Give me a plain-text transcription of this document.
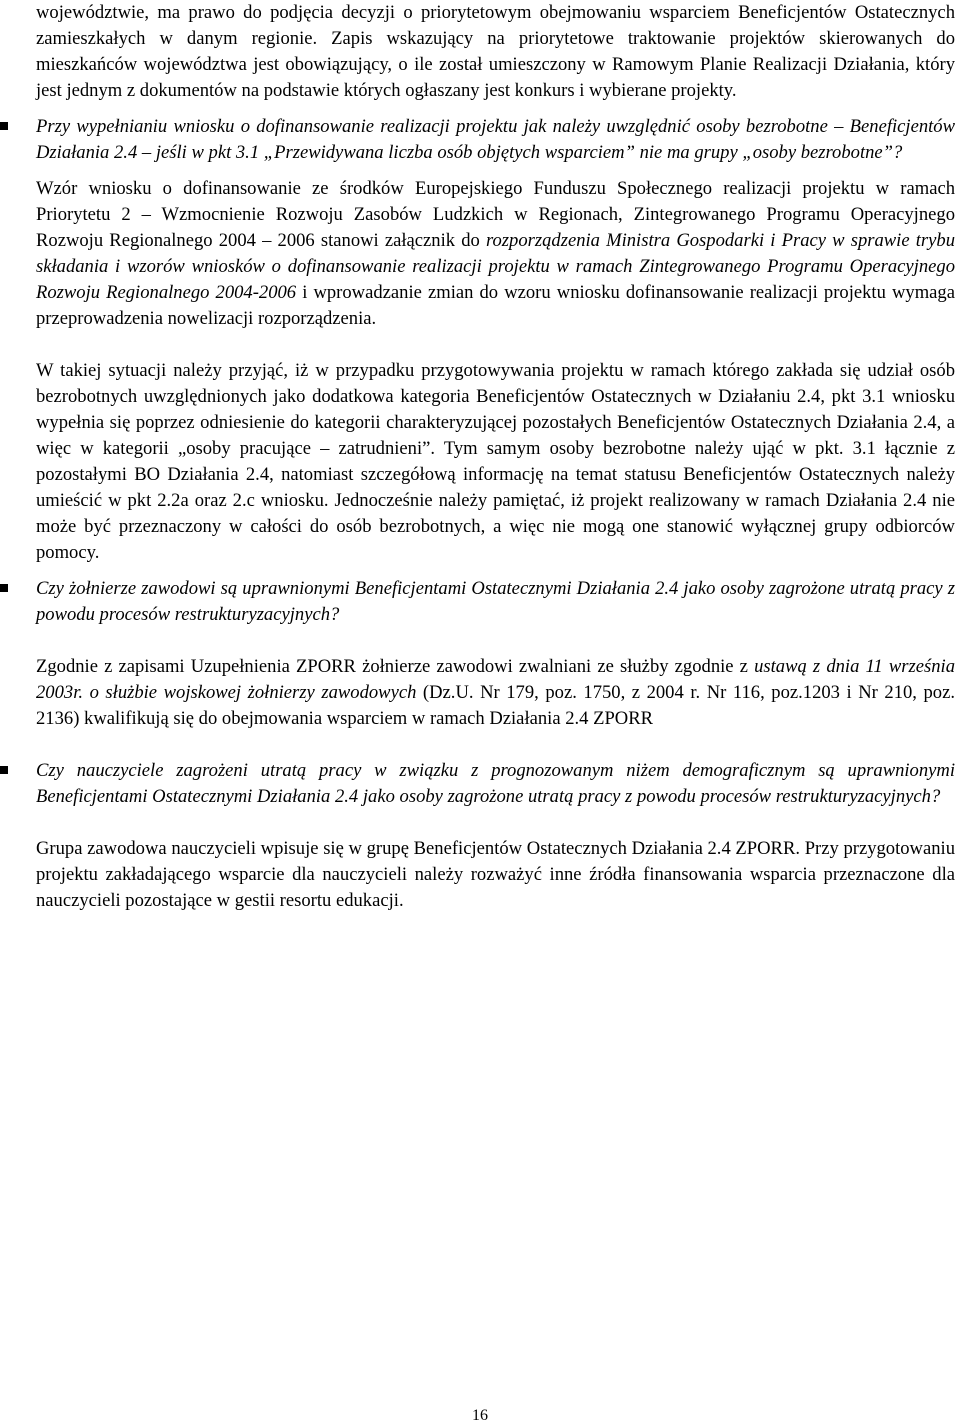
województwie, ma prawo do podjęcia decyzji o priorytetowym obejmowaniu wsparciem Beneficjentów Ostatecznych zamieszkałych w danym regionie. Zapis wskazujący na priorytetowe traktowanie projektów skierowanych do mieszkańców województwa jest obowiązujący, o ile został umieszczony w Ramowym Planie Realizacji Działania, który jest jednym z dokumentów na podstawie których ogłaszany jest konkurs i wybierane projekty.

Przy wypełnianiu wniosku o dofinansowanie realizacji projektu jak należy uwzględnić osoby bezrobotne – Beneficjentów Działania 2.4 – jeśli w pkt 3.1 „Przewidywana liczba osób objętych wsparciem” nie ma grupy „osoby bezrobotne”?

Wzór wniosku o dofinansowanie ze środków Europejskiego Funduszu Społecznego realizacji projektu w ramach Priorytetu 2 – Wzmocnienie Rozwoju Zasobów Ludzkich w Regionach, Zintegrowanego Programu Operacyjnego Rozwoju Regionalnego 2004 – 2006 stanowi załącznik do rozporządzenia Ministra Gospodarki i Pracy w sprawie trybu składania i wzorów wniosków o dofinansowanie realizacji projektu w ramach Zintegrowanego Programu Operacyjnego Rozwoju Regionalnego 2004-2006 i wprowadzanie zmian do wzoru wniosku dofinansowanie realizacji projektu wymaga przeprowadzenia nowelizacji rozporządzenia.

W takiej sytuacji należy przyjąć, iż w przypadku przygotowywania projektu w ramach którego zakłada się udział osób bezrobotnych uwzględnionych jako dodatkowa kategoria Beneficjentów Ostatecznych w Działaniu 2.4, pkt 3.1 wniosku wypełnia się poprzez odniesienie do kategorii charakteryzującej pozostałych Beneficjentów Ostatecznych Działania 2.4, a więc w kategorii „osoby pracujące – zatrudnieni”. Tym samym osoby bezrobotne należy ująć w pkt. 3.1 łącznie z pozostałymi BO Działania 2.4, natomiast szczegółową informację na temat statusu Beneficjentów Ostatecznych należy umieścić w pkt 2.2a oraz 2.c wniosku. Jednocześnie należy pamiętać, iż projekt realizowany w ramach Działania 2.4 nie może być przeznaczony w całości do osób bezrobotnych, a więc nie mogą one stanowić wyłącznej grupy odbiorców pomocy.

Czy żołnierze zawodowi są uprawnionymi Beneficjentami Ostatecznymi Działania 2.4 jako osoby zagrożone utratą pracy z powodu procesów restrukturyzacyjnych?

Zgodnie z zapisami Uzupełnienia ZPORR żołnierze zawodowi zwalniani ze służby zgodnie z ustawą z dnia 11 września 2003r. o służbie wojskowej żołnierzy zawodowych (Dz.U. Nr 179, poz. 1750, z 2004 r. Nr 116, poz.1203 i Nr 210, poz. 2136) kwalifikują się do obejmowania wsparciem w ramach Działania 2.4 ZPORR

Czy nauczyciele zagrożeni utratą pracy w związku z prognozowanym niżem demograficznym są uprawnionymi Beneficjentami Ostatecznymi Działania 2.4 jako osoby zagrożone utratą pracy z powodu procesów restrukturyzacyjnych?

Grupa zawodowa nauczycieli wpisuje się w grupę Beneficjentów Ostatecznych Działania 2.4 ZPORR. Przy przygotowaniu projektu zakładającego wsparcie dla nauczycieli należy rozważyć inne źródła finansowania wsparcia przeznaczone dla nauczycieli pozostające w gestii resortu edukacji.

16
